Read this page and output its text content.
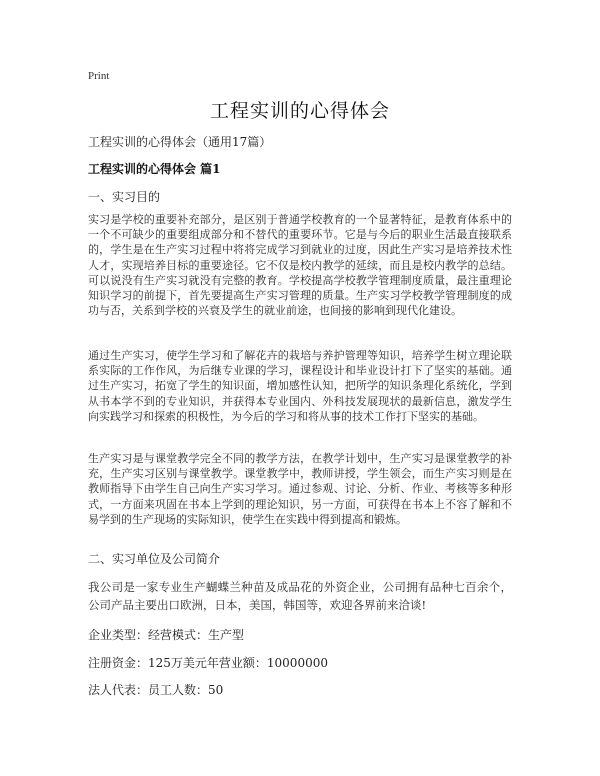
Print
工程实训的心得体会
工程实训的心得体会（通用17篇）
工程实训的心得体会 篇1
一、实习目的

实习是学校的重要补充部分，是区别于普通学校教育的一个显著特征，是教育体系中的一个不可缺少的重要组成部分和不替代的重要环节。它是与今后的职业生活最直接联系的，学生是在生产实习过程中将将完成学习到就业的过度，因此生产实习是培养技术性人才，实现培养目标的重要途径。它不仅是校内教学的延续，而且是校内教学的总结。可以说没有生产实习就没有完整的教育。学校提高学校教学管理制度质量，最注重理论知识学习的前提下，首先要提高生产实习管理的质量。生产实习学校教学管理制度的成功与否，关系到学校的兴衰及学生的就业前途，也间接的影响到现代化建设。

通过生产实习，使学生学习和了解花卉的栽培与养护管理等知识，培养学生树立理论联系实际的工作作风，为后继专业课的学习，课程设计和毕业设计打下了坚实的基础。通过生产实习，拓宽了学生的知识面，增加感性认知，把所学的知识条理化系统化，学到从书本学不到的专业知识，并获得本专业国内、外科技发展现状的最新信息，激发学生向实践学习和探索的积极性，为今后的学习和将从事的技术工作打下坚实的基础。

生产实习是与课堂教学完全不同的教学方法，在教学计划中，生产实习是课堂教学的补充，生产实习区别与课堂教学。课堂教学中，教师讲授，学生领会，而生产实习则是在教师指导下由学生自己向生产实习学习。通过参观、讨论、分析、作业、考核等多种形式，一方面来巩固在书本上学到的理论知识，另一方面，可获得在书本上不容了解和不易学到的生产现场的实际知识，使学生在实践中得到提高和锻炼。

二、实习单位及公司简介

我公司是一家专业生产蝴蝶兰种苗及成品花的外资企业，公司拥有品种七百余个，公司产品主要出口欧洲，日本，美国，韩国等，欢迎各界前来洽谈!

企业类型：经营模式：生产型
注册资金：125万美元年营业额：10000000
法人代表：员工人数：50
